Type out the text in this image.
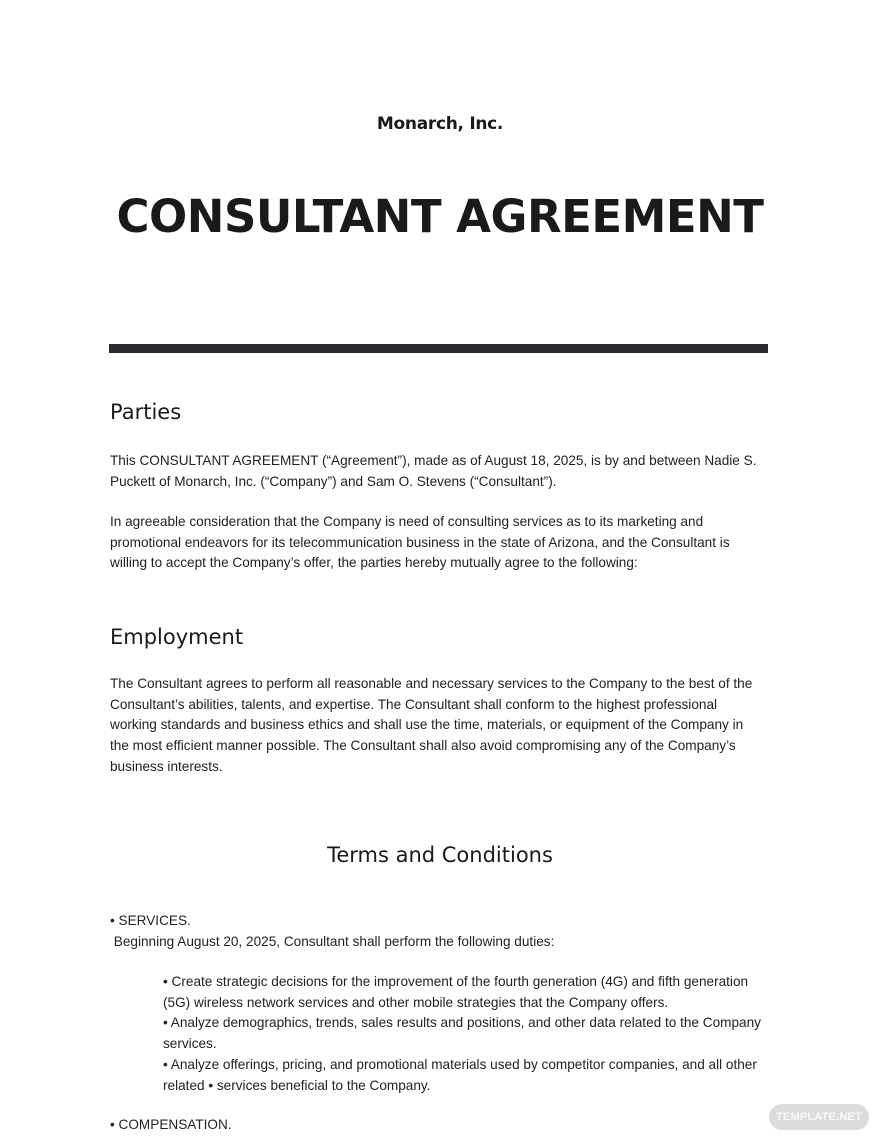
Monarch, Inc.
CONSULTANT AGREEMENT
Parties
This CONSULTANT AGREEMENT (“Agreement”), made as of August 18, 2025, is by and between Nadie S.
Puckett of Monarch, Inc. (“Company”) and Sam O. Stevens (“Consultant”).
In agreeable consideration that the Company is need of consulting services as to its marketing and
promotional endeavors for its telecommunication business in the state of Arizona, and the Consultant is
willing to accept the Company’s offer, the parties hereby mutually agree to the following:
Employment
The Consultant agrees to perform all reasonable and necessary services to the Company to the best of the
Consultant’s abilities, talents, and expertise. The Consultant shall conform to the highest professional
working standards and business ethics and shall use the time, materials, or equipment of the Company in
the most efficient manner possible. The Consultant shall also avoid compromising any of the Company’s
business interests.
Terms and Conditions
• SERVICES.
Beginning August 20, 2025, Consultant shall perform the following duties:
• Create strategic decisions for the improvement of the fourth generation (4G) and fifth generation
(5G) wireless network services and other mobile strategies that the Company offers.
• Analyze demographics, trends, sales results and positions, and other data related to the Company
services.
• Analyze offerings, pricing, and promotional materials used by competitor companies, and all other
related • services beneficial to the Company.
• COMPENSATION.	TEMPLATE.NET
